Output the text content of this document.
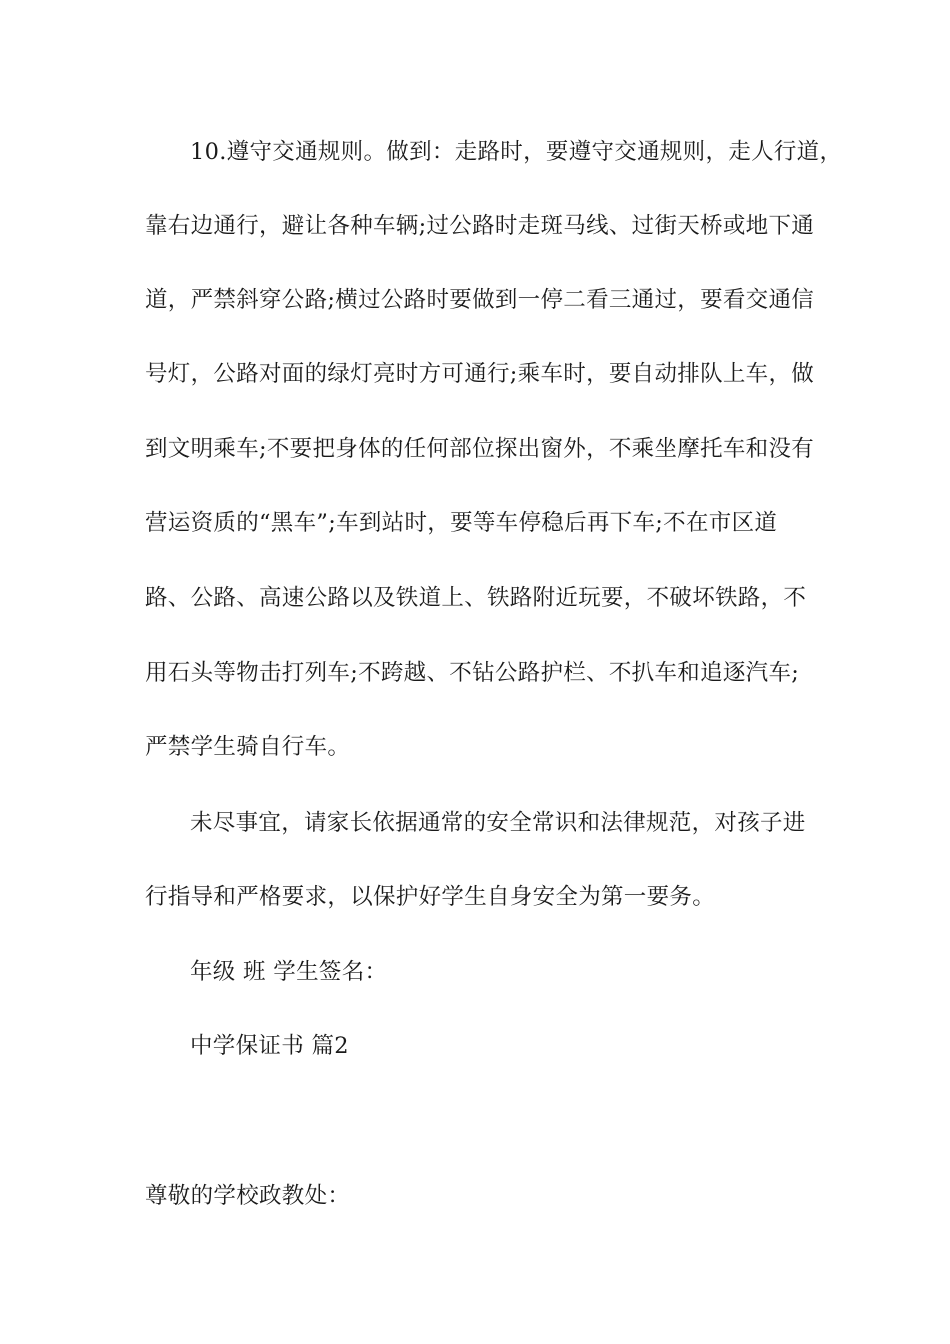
10.遵守交通规则。做到：走路时，要遵守交通规则，走人行道，
靠右边通行，避让各种车辆;过公路时走斑马线、过街天桥或地下通
道，严禁斜穿公路;横过公路时要做到一停二看三通过，要看交通信
号灯，公路对面的绿灯亮时方可通行;乘车时，要自动排队上车，做
到文明乘车;不要把身体的任何部位探出窗外，不乘坐摩托车和没有
营运资质的“黑车”;车到站时，要等车停稳后再下车;不在市区道
路、公路、高速公路以及铁道上、铁路附近玩要，不破坏铁路，不
用石头等物击打列车;不跨越、不钻公路护栏、不扒车和追逐汽车;
严禁学生骑自行车。
未尽事宜，请家长依据通常的安全常识和法律规范，对孩子进
行指导和严格要求，以保护好学生自身安全为第一要务。
年级 班 学生签名：
中学保证书 篇2
尊敬的学校政教处：
